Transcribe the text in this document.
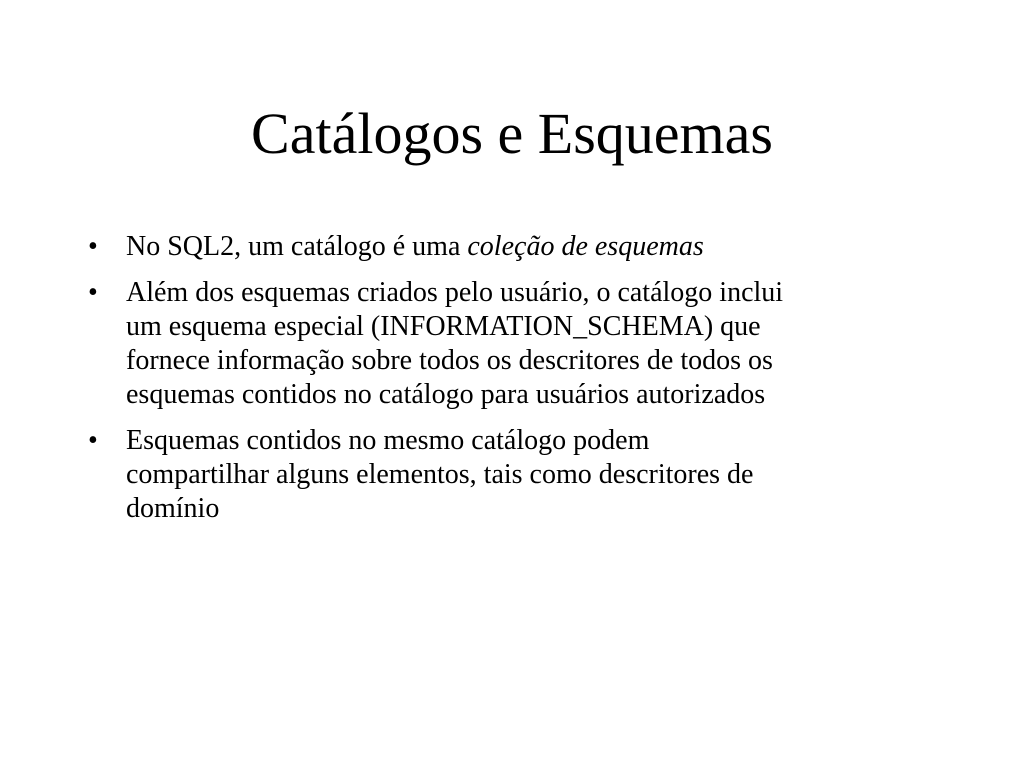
Catálogos e Esquemas
•	No SQL2, um catálogo é uma coleção de esquemas
•	Além dos esquemas criados pelo usuário, o catálogo inclui
um esquema especial (INFORMATION_SCHEMA) que
fornece informação sobre todos os descritores de todos os
esquemas contidos no catálogo para usuários autorizados
•	Esquemas contidos no mesmo catálogo podem
compartilhar alguns elementos, tais como descritores de
domínio
